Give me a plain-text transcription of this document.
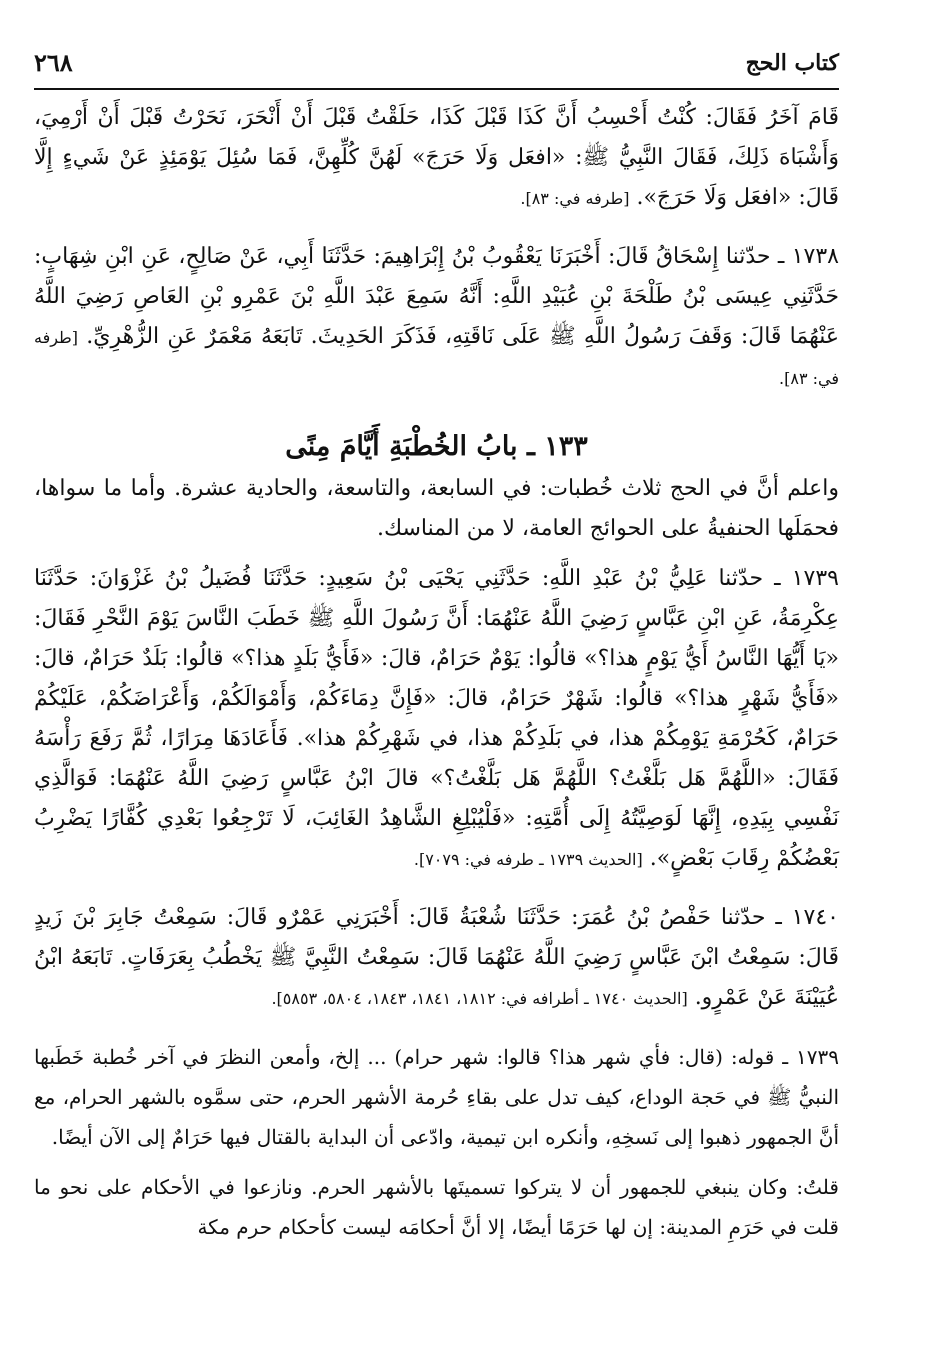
كتاب الحج
٢٦٨

قَامَ آخَرُ فَقَالَ: كُنْتُ أَحْسِبُ أَنَّ كَذَا قَبْلَ كَذَا، حَلَقْتُ قَبْلَ أَنْ أَنْحَرَ، نَحَرْتُ قَبْلَ أَنْ أَرْمِيَ، وَأَشْبَاهَ ذَلِكَ، فَقَالَ النَّبِيُّ ﷺ: «افعَل وَلَا حَرَجَ» لَهُنَّ كُلِّهِنَّ، فَمَا سُئِلَ يَوْمَئِذٍ عَنْ شَيءٍ إِلَّا قَالَ: «افعَل وَلَا حَرَجَ». [طرفه في: ٨٣].

١٧٣٨ ـ حدّثنا إِسْحَاقُ قَالَ: أَخْبَرَنَا يَعْقُوبُ بْنُ إِبْرَاهِيمَ: حَدَّثَنَا أَبِي، عَنْ صَالِحٍ، عَنِ ابْنِ شِهَابٍ: حَدَّثَنِي عِيسَى بْنُ طَلْحَةَ بْنِ عُبَيْدِ اللَّهِ: أَنَّهُ سَمِعَ عَبْدَ اللَّهِ بْنَ عَمْرِو بْنِ العَاصِ رَضِيَ اللَّهُ عَنْهُمَا قَالَ: وَقَفَ رَسُولُ اللَّهِ ﷺ عَلَى نَاقَتِهِ، فَذَكَرَ الحَدِيثَ. تَابَعَهُ مَعْمَرٌ عَنِ الزُّهْرِيِّ. [طرفه في: ٨٣].

١٣٣ ـ بابُ الخُطْبَةِ أَيَّامَ مِنًى

واعلم أنَّ في الحج ثلاث خُطبات: في السابعة، والتاسعة، والحادية عشرة. وأما ما سواها، فحمَلَها الحنفيةُ على الحوائج العامة، لا من المناسك.

١٧٣٩ ـ حدّثنا عَلِيُّ بْنُ عَبْدِ اللَّهِ: حَدَّثَنِي يَحْيَى بْنُ سَعِيدٍ: حَدَّثَنَا فُضَيلُ بْنُ غَزْوَانَ: حَدَّثَنَا عِكْرِمَةُ، عَنِ ابْنِ عَبَّاسٍ رَضِيَ اللَّهُ عَنْهُمَا: أَنَّ رَسُولَ اللَّهِ ﷺ خَطَبَ النَّاسَ يَوْمَ النَّحْرِ فَقَالَ: «يَا أَيُّهَا النَّاسُ أَيُّ يَوْمٍ هذا؟» قالُوا: يَوْمٌ حَرَامٌ، قالَ: «فَأَيُّ بَلَدٍ هذا؟» قالُوا: بَلَدٌ حَرَامٌ، قالَ: «فَأَيُّ شَهْرٍ هذا؟» قالُوا: شَهْرٌ حَرَامٌ، قالَ: «فَإِنَّ دِمَاءَكُمْ، وَأَمْوَالَكُمْ، وَأَعْرَاضَكُمْ، عَلَيْكُمْ حَرَامٌ، كَحُرْمَةِ يَوْمِكُمْ هذا، في بَلَدِكُمْ هذا، في شَهْرِكُمْ هذا». فَأَعَادَهَا مِرَارًا، ثُمَّ رَفَعَ رَأْسَهُ فَقَالَ: «اللَّهُمَّ هَل بَلَّغْتُ؟ اللَّهُمَّ هَل بَلَّغْتُ؟» قالَ ابْنُ عَبَّاسٍ رَضِيَ اللَّهُ عَنْهُمَا: فَوَالَّذِي نَفْسِي بِيَدِهِ، إِنَّهَا لَوَصِيَّتُهُ إِلَى أُمَّتِهِ: «فَلْيُبْلِغِ الشَّاهِدُ الغَائِبَ، لَا تَرْجِعُوا بَعْدِي كُفَّارًا يَضْرِبُ بَعْضُكُمْ رِقَابَ بَعْضٍ». [الحديث ١٧٣٩ ـ طرفه في: ٧٠٧٩].

١٧٤٠ ـ حدّثنا حَفْصُ بْنُ عُمَرَ: حَدَّثَنَا شُعْبَةُ قَالَ: أَخْبَرَنِي عَمْرٌو قَالَ: سَمِعْتُ جَابِرَ بْنَ زَيدٍ قَالَ: سَمِعْتُ ابْنَ عَبَّاسٍ رَضِيَ اللَّهُ عَنْهُمَا قَالَ: سَمِعْتُ النَّبِيَّ ﷺ يَخْطُبُ بِعَرَفَاتٍ. تَابَعَهُ ابْنُ عُيَيْنَةَ عَنْ عَمْرٍو. [الحديث ١٧٤٠ ـ أطرافه في: ١٨١٢، ١٨٤١، ١٨٤٣، ٥٨٠٤، ٥٨٥٣].

١٧٣٩ ـ قوله: (قال: فأي شهر هذا؟ قالوا: شهر حرام) ... إلخ، وأمعن النظرَ في آخر خُطبة خَطَبها النبيُّ ﷺ في حَجة الوداع، كيف تدل على بقاءِ حُرمة الأشهر الحرم، حتى سمَّوه بالشهر الحرام، مع أنَّ الجمهور ذهبوا إلى نَسخِهِ، وأنكره ابن تيمية، وادّعى أن البداية بالقتال فيها حَرَامٌ إلى الآن أيضًا.

قلتُ: وكان ينبغي للجمهور أن لا يتركوا تسميتَها بالأشهر الحرم. ونازعوا في الأحكام على نحو ما قلت في حَرَمِ المدينة: إن لها حَرَمًا أيضًا، إلا أنَّ أحكامَه ليست كأحكام حرم مكة
